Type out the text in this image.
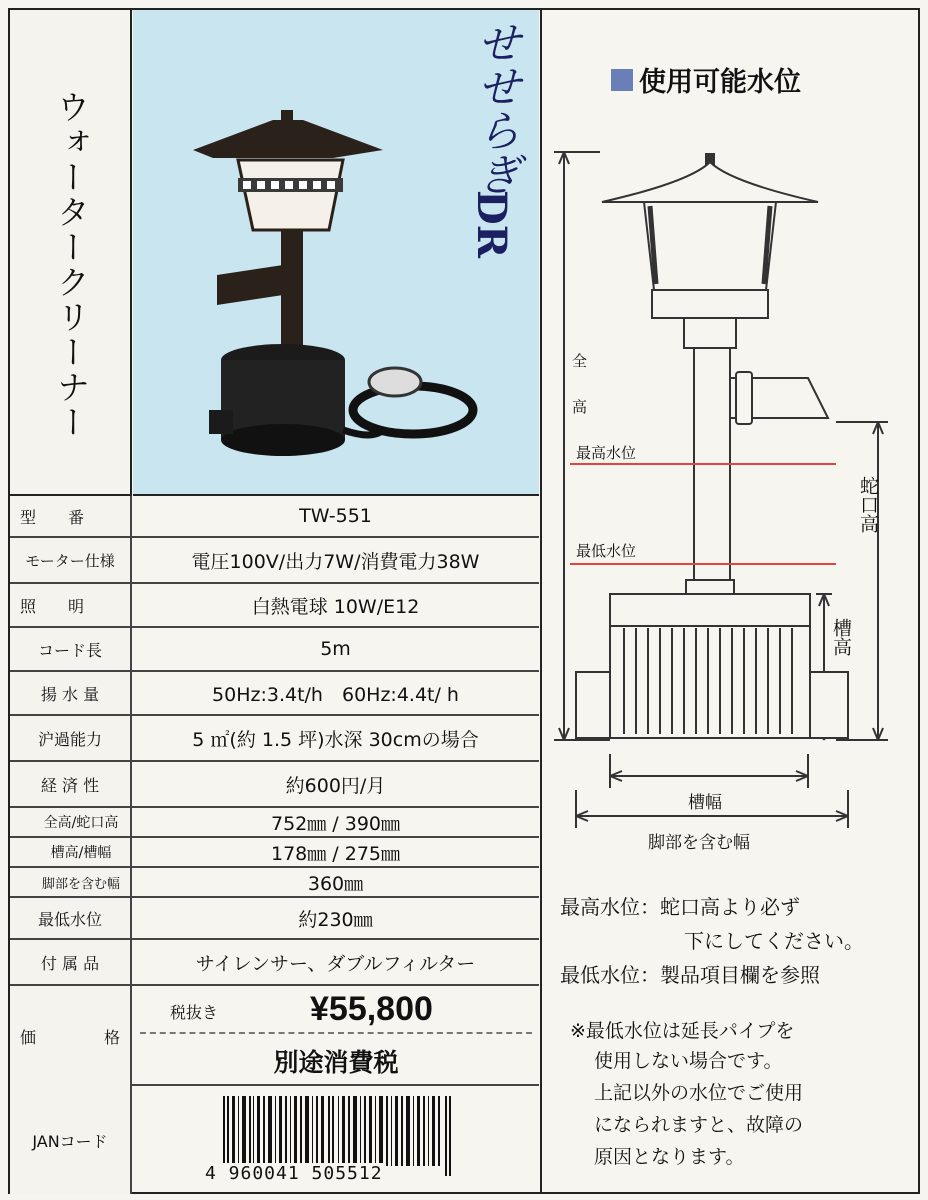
ウォータークリーナー	せせらぎ
DR
型　　番	TW-551
モーター仕様	電圧100V/出力7W/消費電力38W
照　　明	白熱電球 10W/E12
コード長	5m
揚 水 量	50Hz:3.4t/h　60Hz:4.4t/ h
沪過能力	5 ㎡(約 1.5 坪)水深 30cmの場合
経 済 性	約600円/月
全高/蛇口高	752㎜ / 390㎜
槽高/槽幅	178㎜ / 275㎜
脚部を含む幅	360㎜
最低水位	約230㎜
付 属 品	サイレンサー、ダブルフィルター
価	格
税抜き	¥55,800
別途消費税
JANコード
4 960041 505512
使用可能水位
全
高
最高水位
最低水位
蛇口高
槽高
槽幅
脚部を含む幅
最高水位：蛇口高より必ず
下にしてください。
最低水位：製品項目欄を参照
※最低水位は延長パイプを
使用しない場合です。
上記以外の水位でご使用
になられますと、故障の
原因となります。
